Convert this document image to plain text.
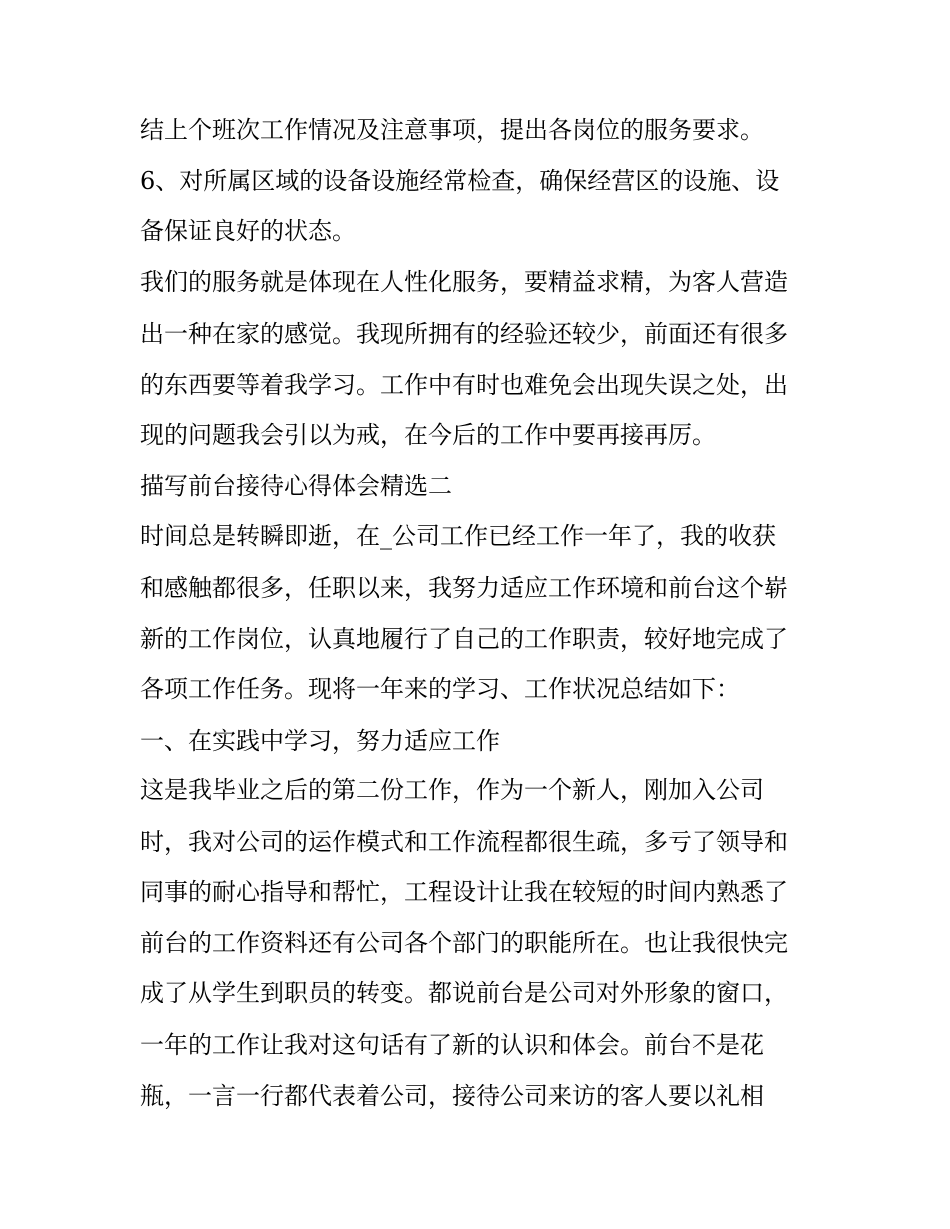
结上个班次工作情况及注意事项，提出各岗位的服务要求。

6、对所属区域的设备设施经常检查，确保经营区的设施、设

备保证良好的状态。

我们的服务就是体现在人性化服务，要精益求精，为客人营造

出一种在家的感觉。我现所拥有的经验还较少，前面还有很多

的东西要等着我学习。工作中有时也难免会出现失误之处，出

现的问题我会引以为戒，在今后的工作中要再接再厉。

描写前台接待心得体会精选二

时间总是转瞬即逝，在_公司工作已经工作一年了，我的收获

和感触都很多，任职以来，我努力适应工作环境和前台这个崭

新的工作岗位，认真地履行了自己的工作职责，较好地完成了

各项工作任务。现将一年来的学习、工作状况总结如下：

一、在实践中学习，努力适应工作

这是我毕业之后的第二份工作，作为一个新人，刚加入公司

时，我对公司的运作模式和工作流程都很生疏，多亏了领导和

同事的耐心指导和帮忙，工程设计让我在较短的时间内熟悉了

前台的工作资料还有公司各个部门的职能所在。也让我很快完

成了从学生到职员的转变。都说前台是公司对外形象的窗口，

一年的工作让我对这句话有了新的认识和体会。前台不是花

瓶，一言一行都代表着公司，接待公司来访的客人要以礼相
